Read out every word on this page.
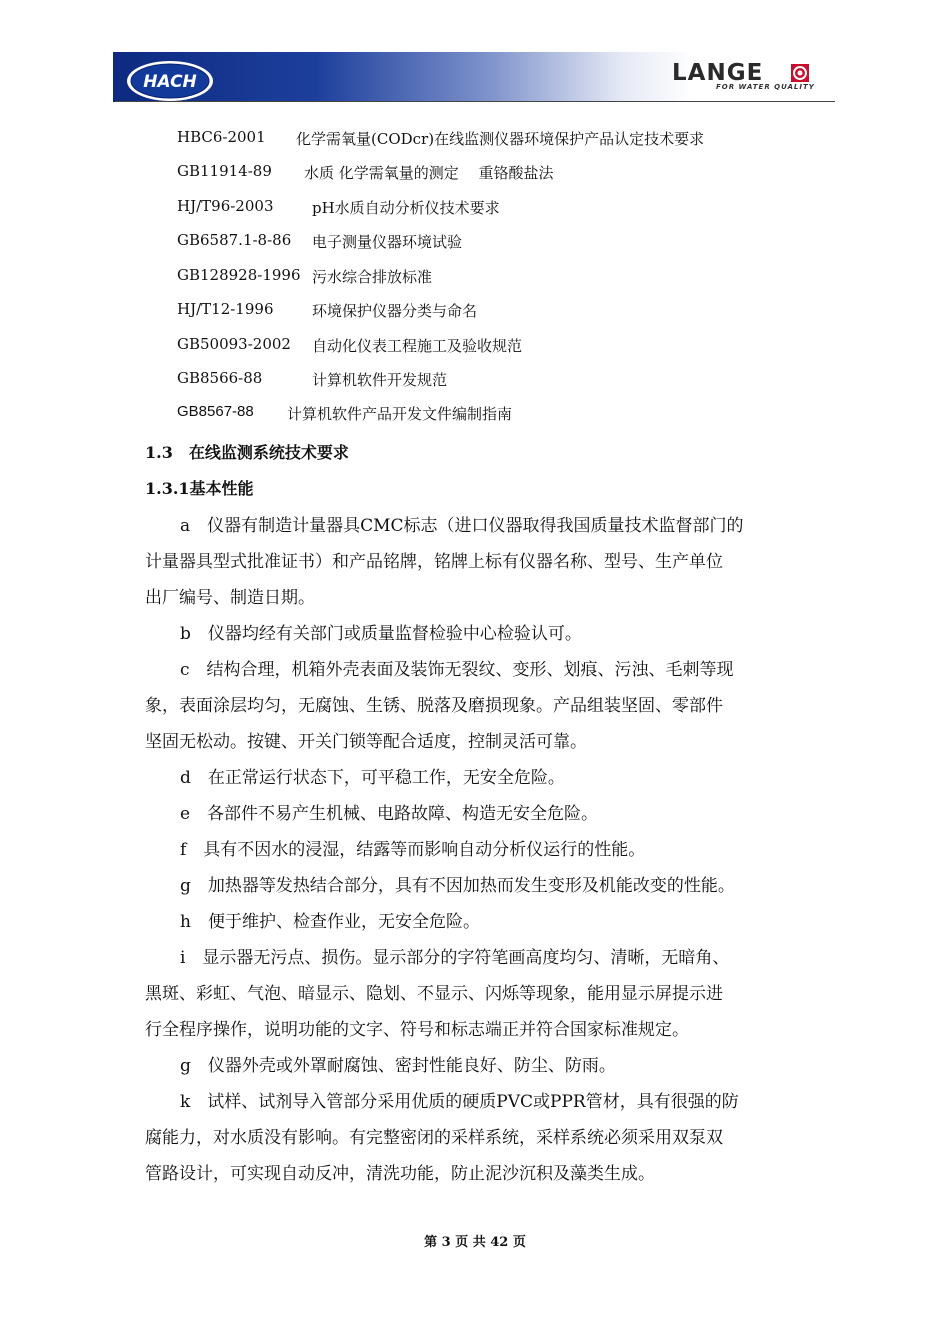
HACH	LANGE
FOR WATER QUALITY
HBC6-2001 化学需氧量(CODcr)在线监测仪器环境保护产品认定技术要求
GB11914-89 水质 化学需氧量的测定　 重铬酸盐法
HJ/T96-2003	pH水质自动分析仪技术要求
GB6587.1-8-86 电子测量仪器环境试验
GB128928-1996 污水综合排放标准
HJ/T12-1996	环境保护仪器分类与命名
GB50093-2002 自动化仪表工程施工及验收规范
GB8566-88	计算机软件开发规范
GB8567-88 计算机软件产品开发文件编制指南
1.3　在线监测系统技术要求
1.3.1基本性能
a　仪器有制造计量器具CMC标志（进口仪器取得我国质量技术监督部门的
计量器具型式批准证书）和产品铭牌，铭牌上标有仪器名称、型号、生产单位
出厂编号、制造日期。
b　仪器均经有关部门或质量监督检验中心检验认可。
c　结构合理，机箱外壳表面及装饰无裂纹、变形、划痕、污浊、毛刺等现
象，表面涂层均匀，无腐蚀、生锈、脱落及磨损现象。产品组装坚固、零部件
坚固无松动。按键、开关门锁等配合适度，控制灵活可靠。
d　在正常运行状态下，可平稳工作，无安全危险。
e　各部件不易产生机械、电路故障、构造无安全危险。
f　具有不因水的浸湿，结露等而影响自动分析仪运行的性能。
g　加热器等发热结合部分，具有不因加热而发生变形及机能改变的性能。
h　便于维护、检查作业，无安全危险。
i　显示器无污点、损伤。显示部分的字符笔画高度均匀、清晰，无暗角、
黑斑、彩虹、气泡、暗显示、隐划、不显示、闪烁等现象，能用显示屏提示进
行全程序操作，说明功能的文字、符号和标志端正并符合国家标准规定。
g　仪器外壳或外罩耐腐蚀、密封性能良好、防尘、防雨。
k　试样、试剂导入管部分采用优质的硬质PVC或PPR管材，具有很强的防
腐能力，对水质没有影响。有完整密闭的采样系统，采样系统必须采用双泵双
管路设计，可实现自动反冲，清洗功能，防止泥沙沉积及藻类生成。
第 3 页 共 42 页
